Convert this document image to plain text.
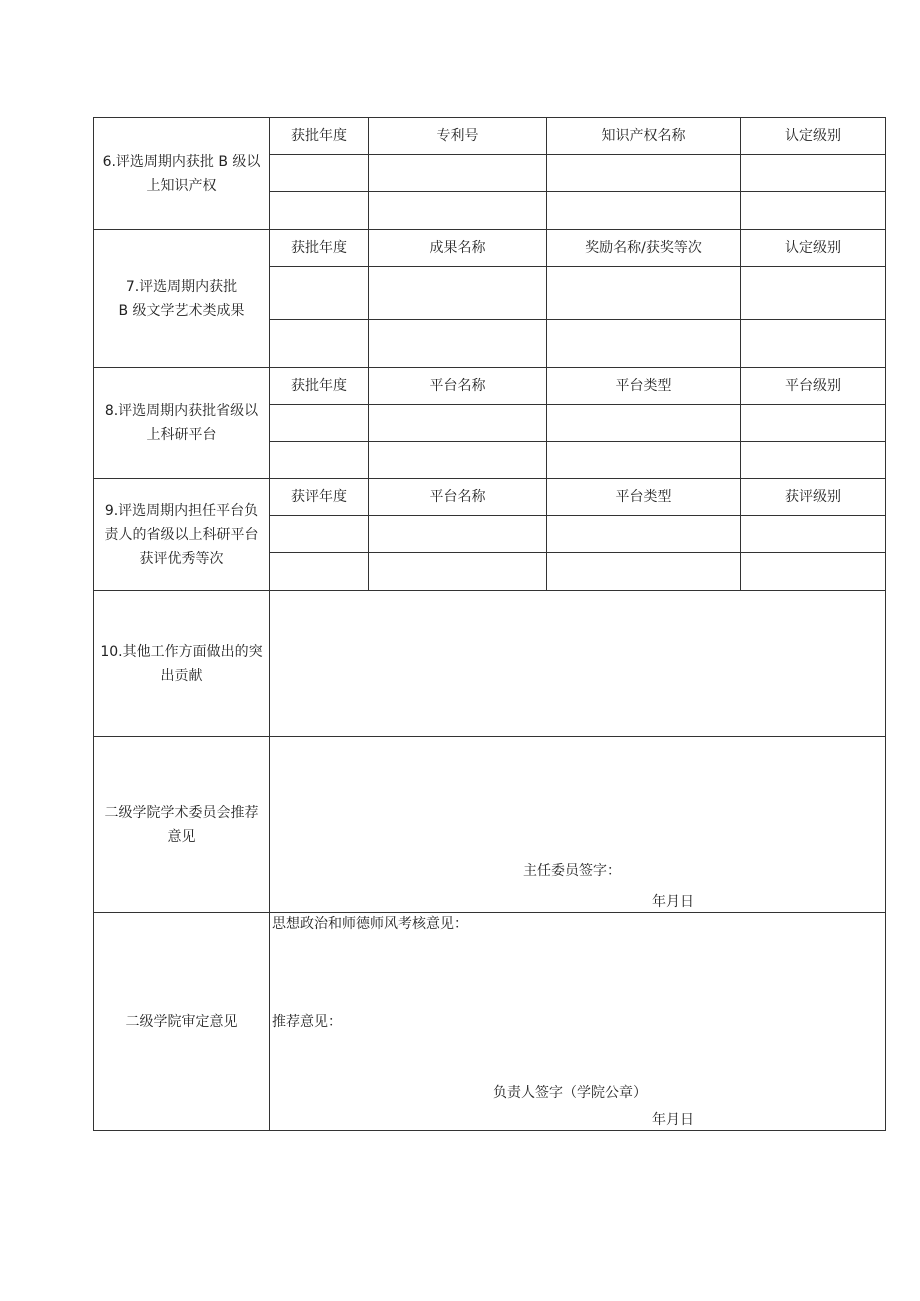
6.评选周期内获批 B 级以
上知识产权	获批年度	专利号	知识产权名称	认定级别

7.评选周期内获批
B 级文学艺术类成果	获批年度	成果名称	奖励名称/获奖等次	认定级别

8.评选周期内获批省级以
上科研平台	获批年度	平台名称	平台类型	平台级别

9.评选周期内担任平台负
责人的省级以上科研平台
获评优秀等次	获评年度	平台名称	平台类型	获评级别

10.其他工作方面做出的突
出贡献				

二级学院学术委员会推荐
意见	主任委员签字：
年月日			

二级学院审定意见	思想政治和师德师风考核意见：
推荐意见：
负责人签字（学院公章）
年月日			
